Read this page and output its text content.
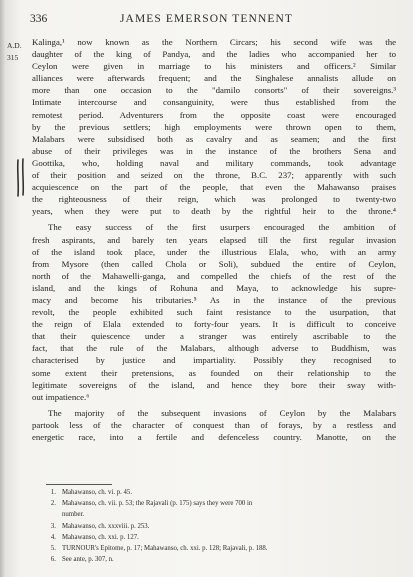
336	JAMES EMERSON TENNENT
A.D.
315
Kalinga,¹ now known as the Northern Circars; his second wife was the
daughter of the king of Pandya, and the ladies who accompanied her to
Ceylon were given in marriage to his ministers and officers.² Similar
alliances were afterwards frequent; and the Singhalese annalists allude on
more than one occasion to the "damilo consorts" of their sovereigns.³
Intimate intercourse and consanguinity, were thus established from the
remotest period. Adventurers from the opposite coast were encouraged
by the previous settlers; high employments were thrown open to them,
Malabars were subsidised both as cavalry and as seamen; and the first
abuse of their privileges was in the instance of the brothers Sena and
Goottika, who, holding naval and military commands, took advantage
of their position and seized on the throne, B.C. 237; apparently with such
acquiescence on the part of the people, that even the Mahawanso praises
the righteousness of their reign, which was prolonged to twenty-two
years, when they were put to death by the rightful heir to the throne.⁴
The easy success of the first usurpers encouraged the ambition of
fresh aspirants, and barely ten years elapsed till the first regular invasion
of the island took place, under the illustrious Elala, who, with an army
from Mysore (then called Chola or Soli), subdued the entire of Ceylon,
north of the Mahawelli-ganga, and compelled the chiefs of the rest of the
island, and the kings of Rohuna and Maya, to acknowledge his supre-
macy and become his tributaries.⁵ As in the instance of the previous
revolt, the people exhibited such faint resistance to the usurpation, that
the reign of Elala extended to forty-four years. It is difficult to conceive
that their quiescence under a stranger was entirely ascribable to the
fact, that the rule of the Malabars, although adverse to Buddhism, was
characterised by justice and impartiality. Possibly they recognised to
some extent their pretensions, as founded on their relationship to the
legitimate sovereigns of the island, and hence they bore their sway with-
out impatience.⁶
The majority of the subsequent invasions of Ceylon by the Malabars
partook less of the character of conquest than of forays, by a restless and
energetic race, into a fertile and defenceless country. Manotte, on the
1. Mahawanso, ch. vi. p. 45.
2. Mahawanso, ch. vii. p. 53; the Rajavali (p. 175) says they were 700 in
number.
3. Mahawanso, ch. xxxviii. p. 253.
4. Mahawanso, ch. xxi. p. 127.
5. TURNOUR's Epitome, p. 17; Mahawanso, ch. xxi. p. 128; Rajavali, p. 188.
6. See ante, p. 307, n.
